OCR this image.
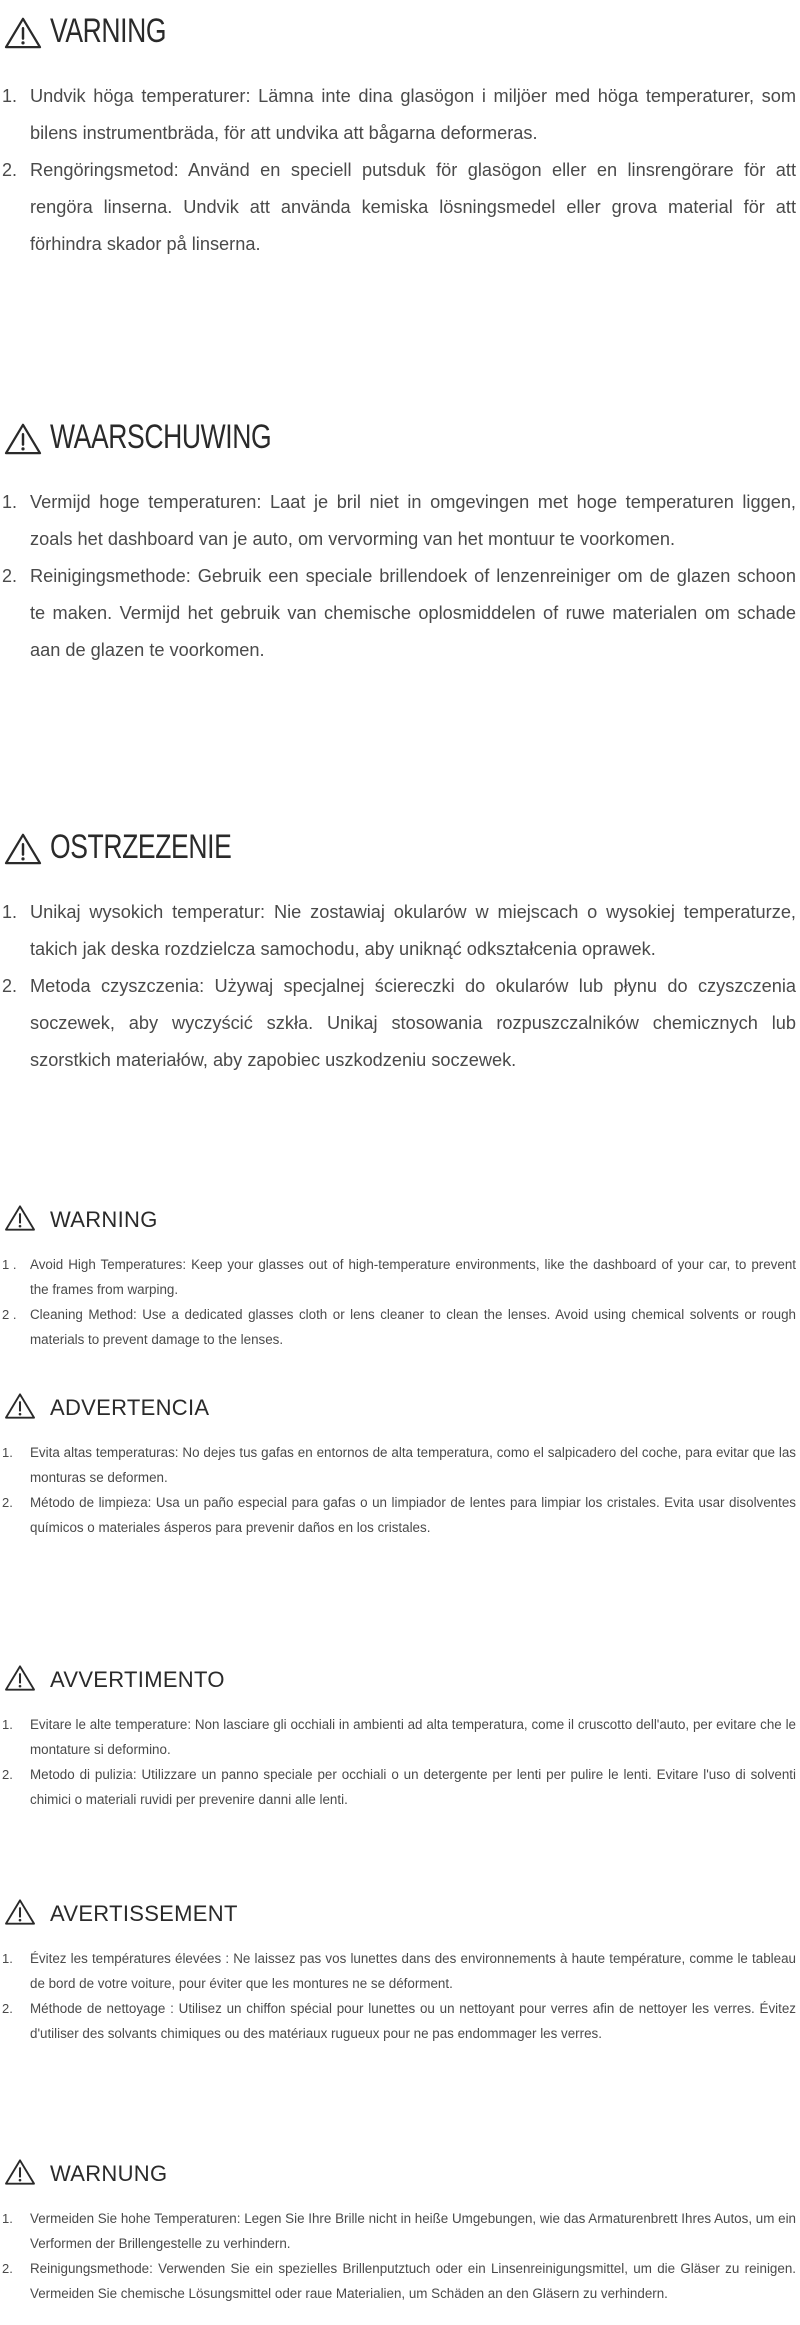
VARNING
1. Undvik höga temperaturer: Lämna inte dina glasögon i miljöer med höga temperaturer, som bilens instrumentbräda, för att undvika att bågarna deformeras.
2. Rengöringsmetod: Använd en speciell putsduk för glasögon eller en linsrengörare för att rengöra linserna. Undvik att använda kemiska lösningsmedel eller grova material för att förhindra skador på linserna.
WAARSCHUWING
1. Vermijd hoge temperaturen: Laat je bril niet in omgevingen met hoge temperaturen liggen, zoals het dashboard van je auto, om vervorming van het montuur te voorkomen.
2. Reinigingsmethode: Gebruik een speciale brillendoek of lenzenreiniger om de glazen schoon te maken. Vermijd het gebruik van chemische oplosmiddelen of ruwe materialen om schade aan de glazen te voorkomen.
OSTRZEZENIE
1. Unikaj wysokich temperatur: Nie zostawiaj okularów w miejscach o wysokiej temperaturze, takich jak deska rozdzielcza samochodu, aby uniknąć odkształcenia oprawek.
2. Metoda czyszczenia: Używaj specjalnej ściereczki do okularów lub płynu do czyszczenia soczewek, aby wyczyścić szkła. Unikaj stosowania rozpuszczalników chemicznych lub szorstkich materiałów, aby zapobiec uszkodzeniu soczewek.
WARNING
1 . Avoid High Temperatures: Keep your glasses out of high-temperature environments, like the dashboard of your car, to prevent the frames from warping.
2 . Cleaning Method: Use a dedicated glasses cloth or lens cleaner to clean the lenses. Avoid using chemical solvents or rough materials to prevent damage to the lenses.
ADVERTENCIA
1. Evita altas temperaturas: No dejes tus gafas en entornos de alta temperatura, como el salpicadero del coche, para evitar que las monturas se deformen.
2. Método de limpieza: Usa un paño especial para gafas o un limpiador de lentes para limpiar los cristales. Evita usar disolventes químicos o materiales ásperos para prevenir daños en los cristales.
AVVERTIMENTO
1. Evitare le alte temperature: Non lasciare gli occhiali in ambienti ad alta temperatura, come il cruscotto dell'auto, per evitare che le montature si deformino.
2. Metodo di pulizia: Utilizzare un panno speciale per occhiali o un detergente per lenti per pulire le lenti. Evitare l'uso di solventi chimici o materiali ruvidi per prevenire danni alle lenti.
AVERTISSEMENT
1. Évitez les températures élevées : Ne laissez pas vos lunettes dans des environnements à haute température, comme le tableau de bord de votre voiture, pour éviter que les montures ne se déforment.
2. Méthode de nettoyage : Utilisez un chiffon spécial pour lunettes ou un nettoyant pour verres afin de nettoyer les verres. Évitez d'utiliser des solvants chimiques ou des matériaux rugueux pour ne pas endommager les verres.
WARNUNG
1. Vermeiden Sie hohe Temperaturen: Legen Sie Ihre Brille nicht in heiße Umgebungen, wie das Armaturenbrett Ihres Autos, um ein Verformen der Brillengestelle zu verhindern.
2. Reinigungsmethode: Verwenden Sie ein spezielles Brillenputztuch oder ein Linsenreinigungsmittel, um die Gläser zu reinigen. Vermeiden Sie chemische Lösungsmittel oder raue Materialien, um Schäden an den Gläsern zu verhindern.
